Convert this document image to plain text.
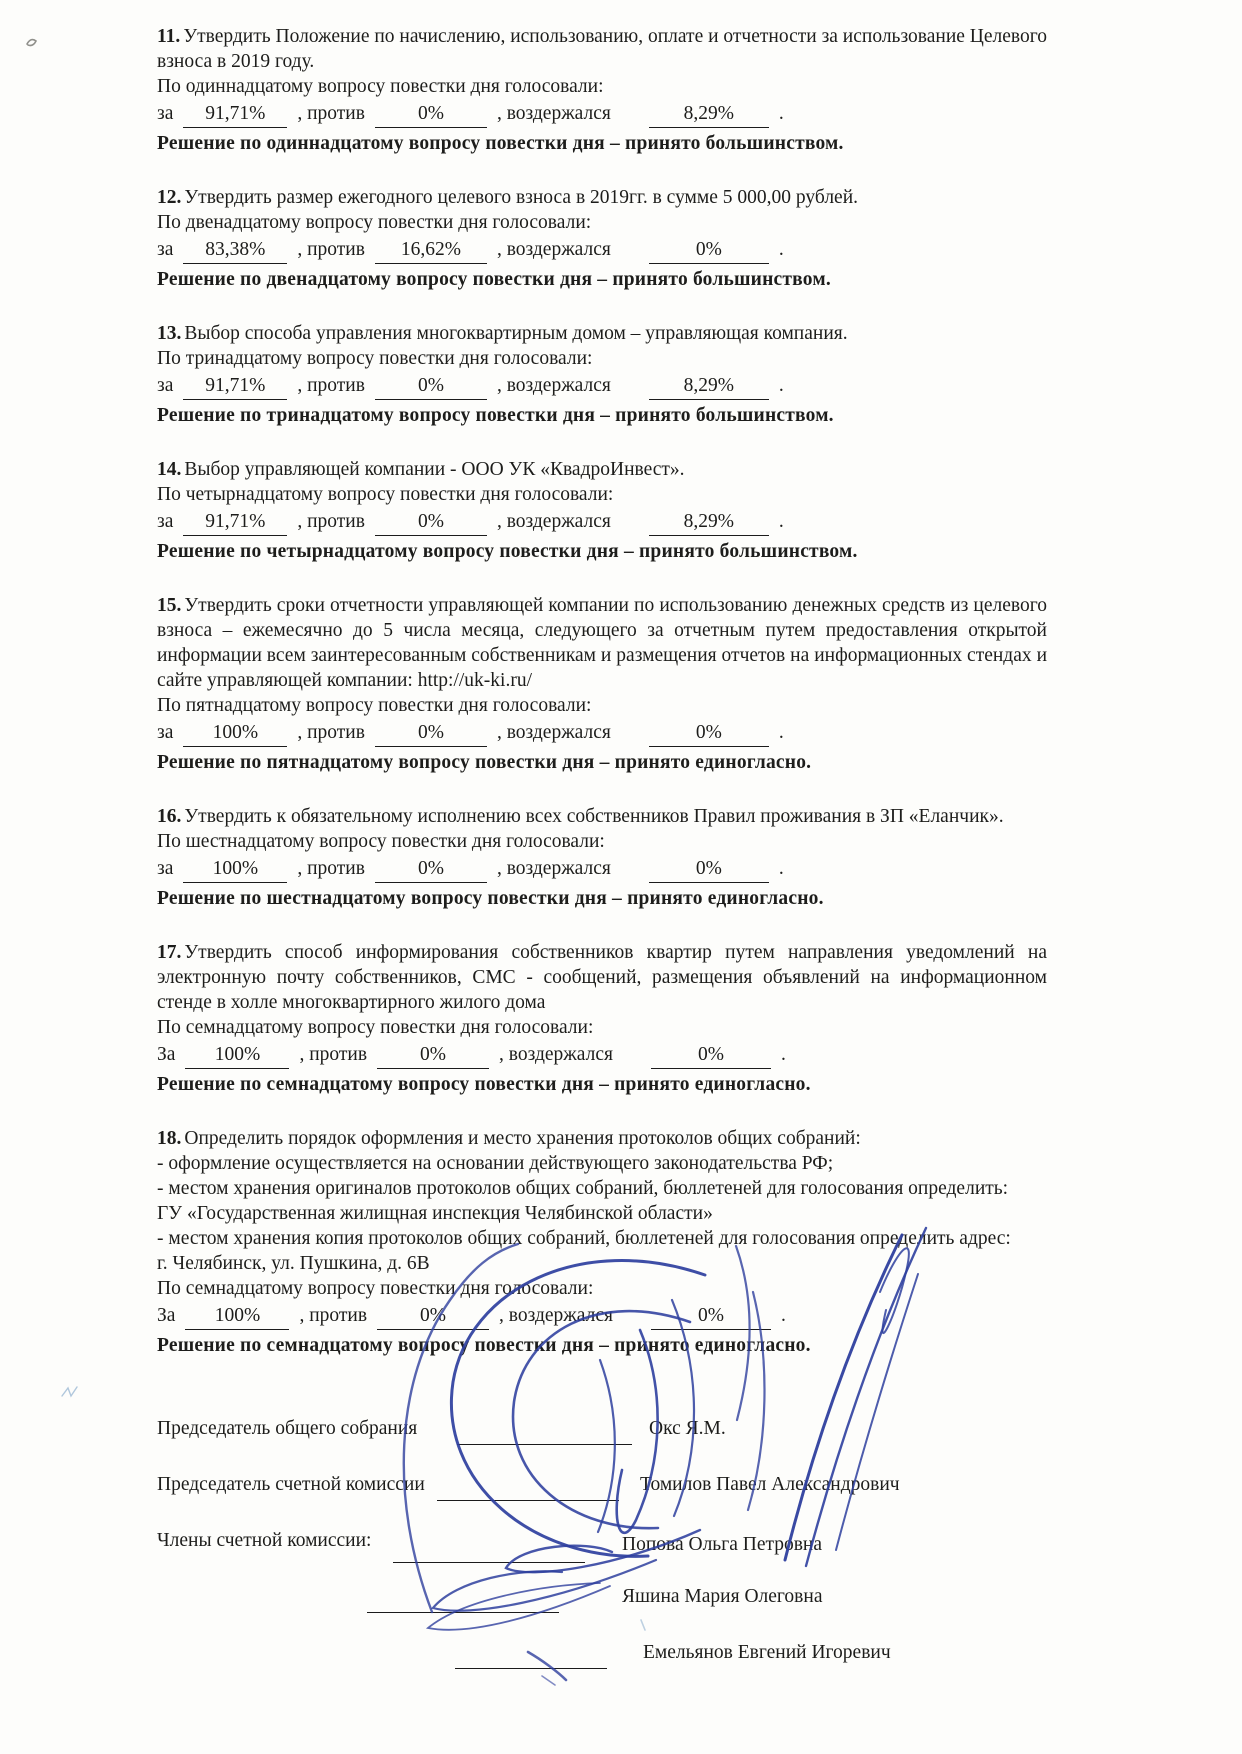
11. Утвердить Положение по начислению, использованию, оплате и отчетности за использование Целевого взноса в 2019 году.

По одиннадцатому вопросу повестки дня голосовали:

за 91,71% , против	0%	, воздержался	8,29% .

Решение по одиннадцатому вопросу повестки дня – принято большинством.

12. Утвердить размер ежегодного целевого взноса в 2019гг. в сумме 5 000,00 рублей.

По двенадцатому вопросу повестки дня голосовали:

за 83,38% , против 16,62% , воздержался	0%	.

Решение по двенадцатому вопросу повестки дня – принято большинством.

13. Выбор способа управления многоквартирным домом – управляющая компания.

По тринадцатому вопросу повестки дня голосовали:

за 91,71% , против	0%	, воздержался	8,29% .

Решение по тринадцатому вопросу повестки дня – принято большинством.

14. Выбор управляющей компании - ООО УК «КвадроИнвест».

По четырнадцатому вопросу повестки дня голосовали:

за 91,71% , против	0%	, воздержался	8,29% .

Решение по четырнадцатому вопросу повестки дня – принято большинством.

15. Утвердить сроки отчетности управляющей компании по использованию денежных средств из целевого взноса – ежемесячно до 5 числа месяца, следующего за отчетным путем предоставления открытой информации всем заинтересованным собственникам и размещения отчетов на информационных стендах и сайте управляющей компании: http://uk-ki.ru/

По пятнадцатому вопросу повестки дня голосовали:

за 100% , против	0%	, воздержался	0%	.

Решение по пятнадцатому вопросу повестки дня – принято единогласно.

16. Утвердить к обязательному исполнению всех собственников Правил проживания в ЗП «Еланчик».

По шестнадцатому вопросу повестки дня голосовали:

за 100% , против	0%	, воздержался	0%	.

Решение по шестнадцатому вопросу повестки дня – принято единогласно.

17. Утвердить способ информирования собственников квартир путем направления уведомлений на электронную почту собственников, СМС - сообщений, размещения объявлений на информационном стенде в холле многоквартирного жилого дома

По семнадцатому вопросу повестки дня голосовали:

За 100% , против	0%	, воздержался	0%	.

Решение по семнадцатому вопросу повестки дня – принято единогласно.

18. Определить порядок оформления и место хранения протоколов общих собраний:

- оформление осуществляется на основании действующего законодательства РФ;

- местом хранения оригиналов протоколов общих собраний, бюллетеней для голосования определить:

ГУ «Государственная жилищная инспекция Челябинской области»

- местом хранения копия протоколов общих собраний, бюллетеней для голосования определить адрес:

г. Челябинск, ул. Пушкина, д. 6В

По семнадцатому вопросу повестки дня голосовали:

За 100% , против	0%	, воздержался	0%	.

Решение по семнадцатому вопросу повестки дня – принято единогласно.

Председатель общего собрания	Окс Я.М.
Председатель счетной комиссии	Томилов Павел Александрович
Члены счетной комиссии:	Попова Ольга Петровна
Яшина Мария Олеговна
Емельянов Евгений Игоревич
